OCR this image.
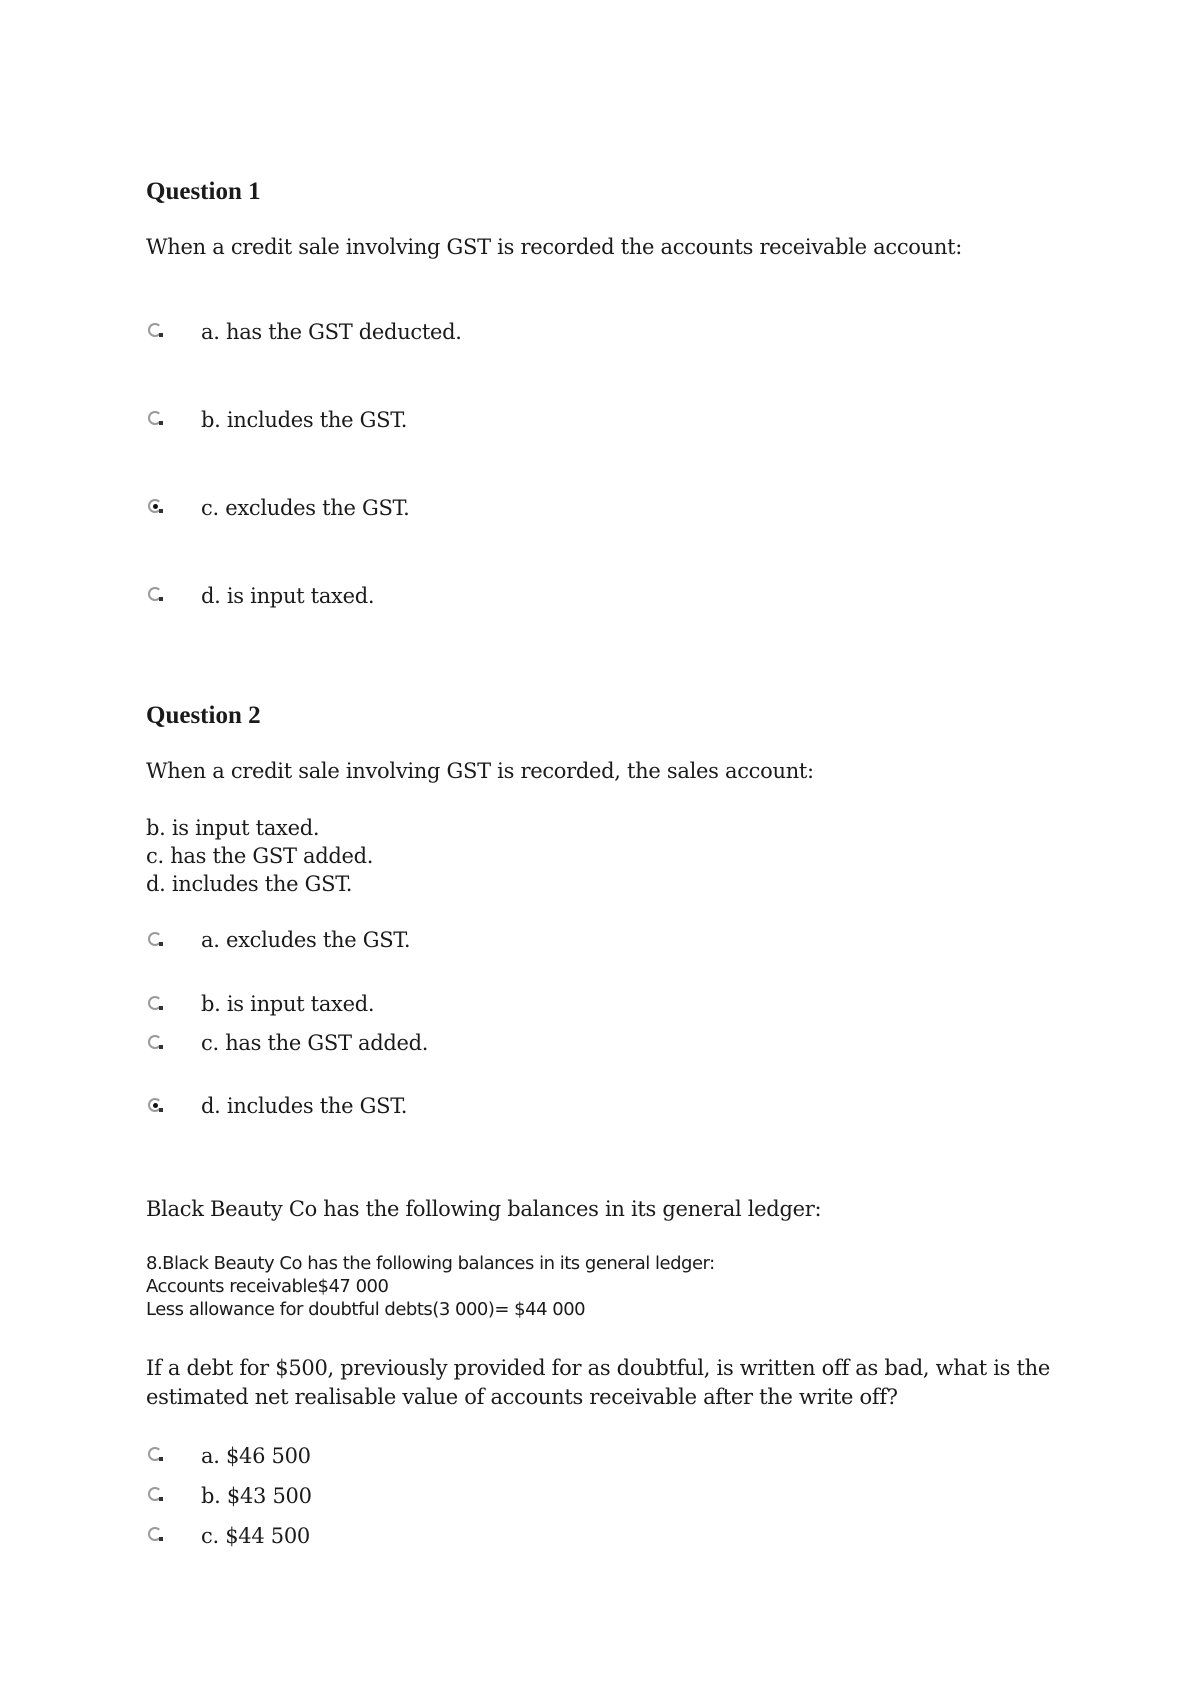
Question 1
When a credit sale involving GST is recorded the accounts receivable account:
a. has the GST deducted.
b. includes the GST.
c. excludes the GST.
d. is input taxed.
Question 2
When a credit sale involving GST is recorded, the sales account:
b. is input taxed.
c. has the GST added.
d. includes the GST.
a. excludes the GST.
b. is input taxed.
c. has the GST added.
d. includes the GST.
Black Beauty Co has the following balances in its general ledger:
8.Black Beauty Co has the following balances in its general ledger:
Accounts receivable$47 000
Less allowance for doubtful debts(3 000)= $44 000
If a debt for $500, previously provided for as doubtful, is written off as bad, what is the
estimated net realisable value of accounts receivable after the write off?
a. $46 500
b. $43 500
c. $44 500
